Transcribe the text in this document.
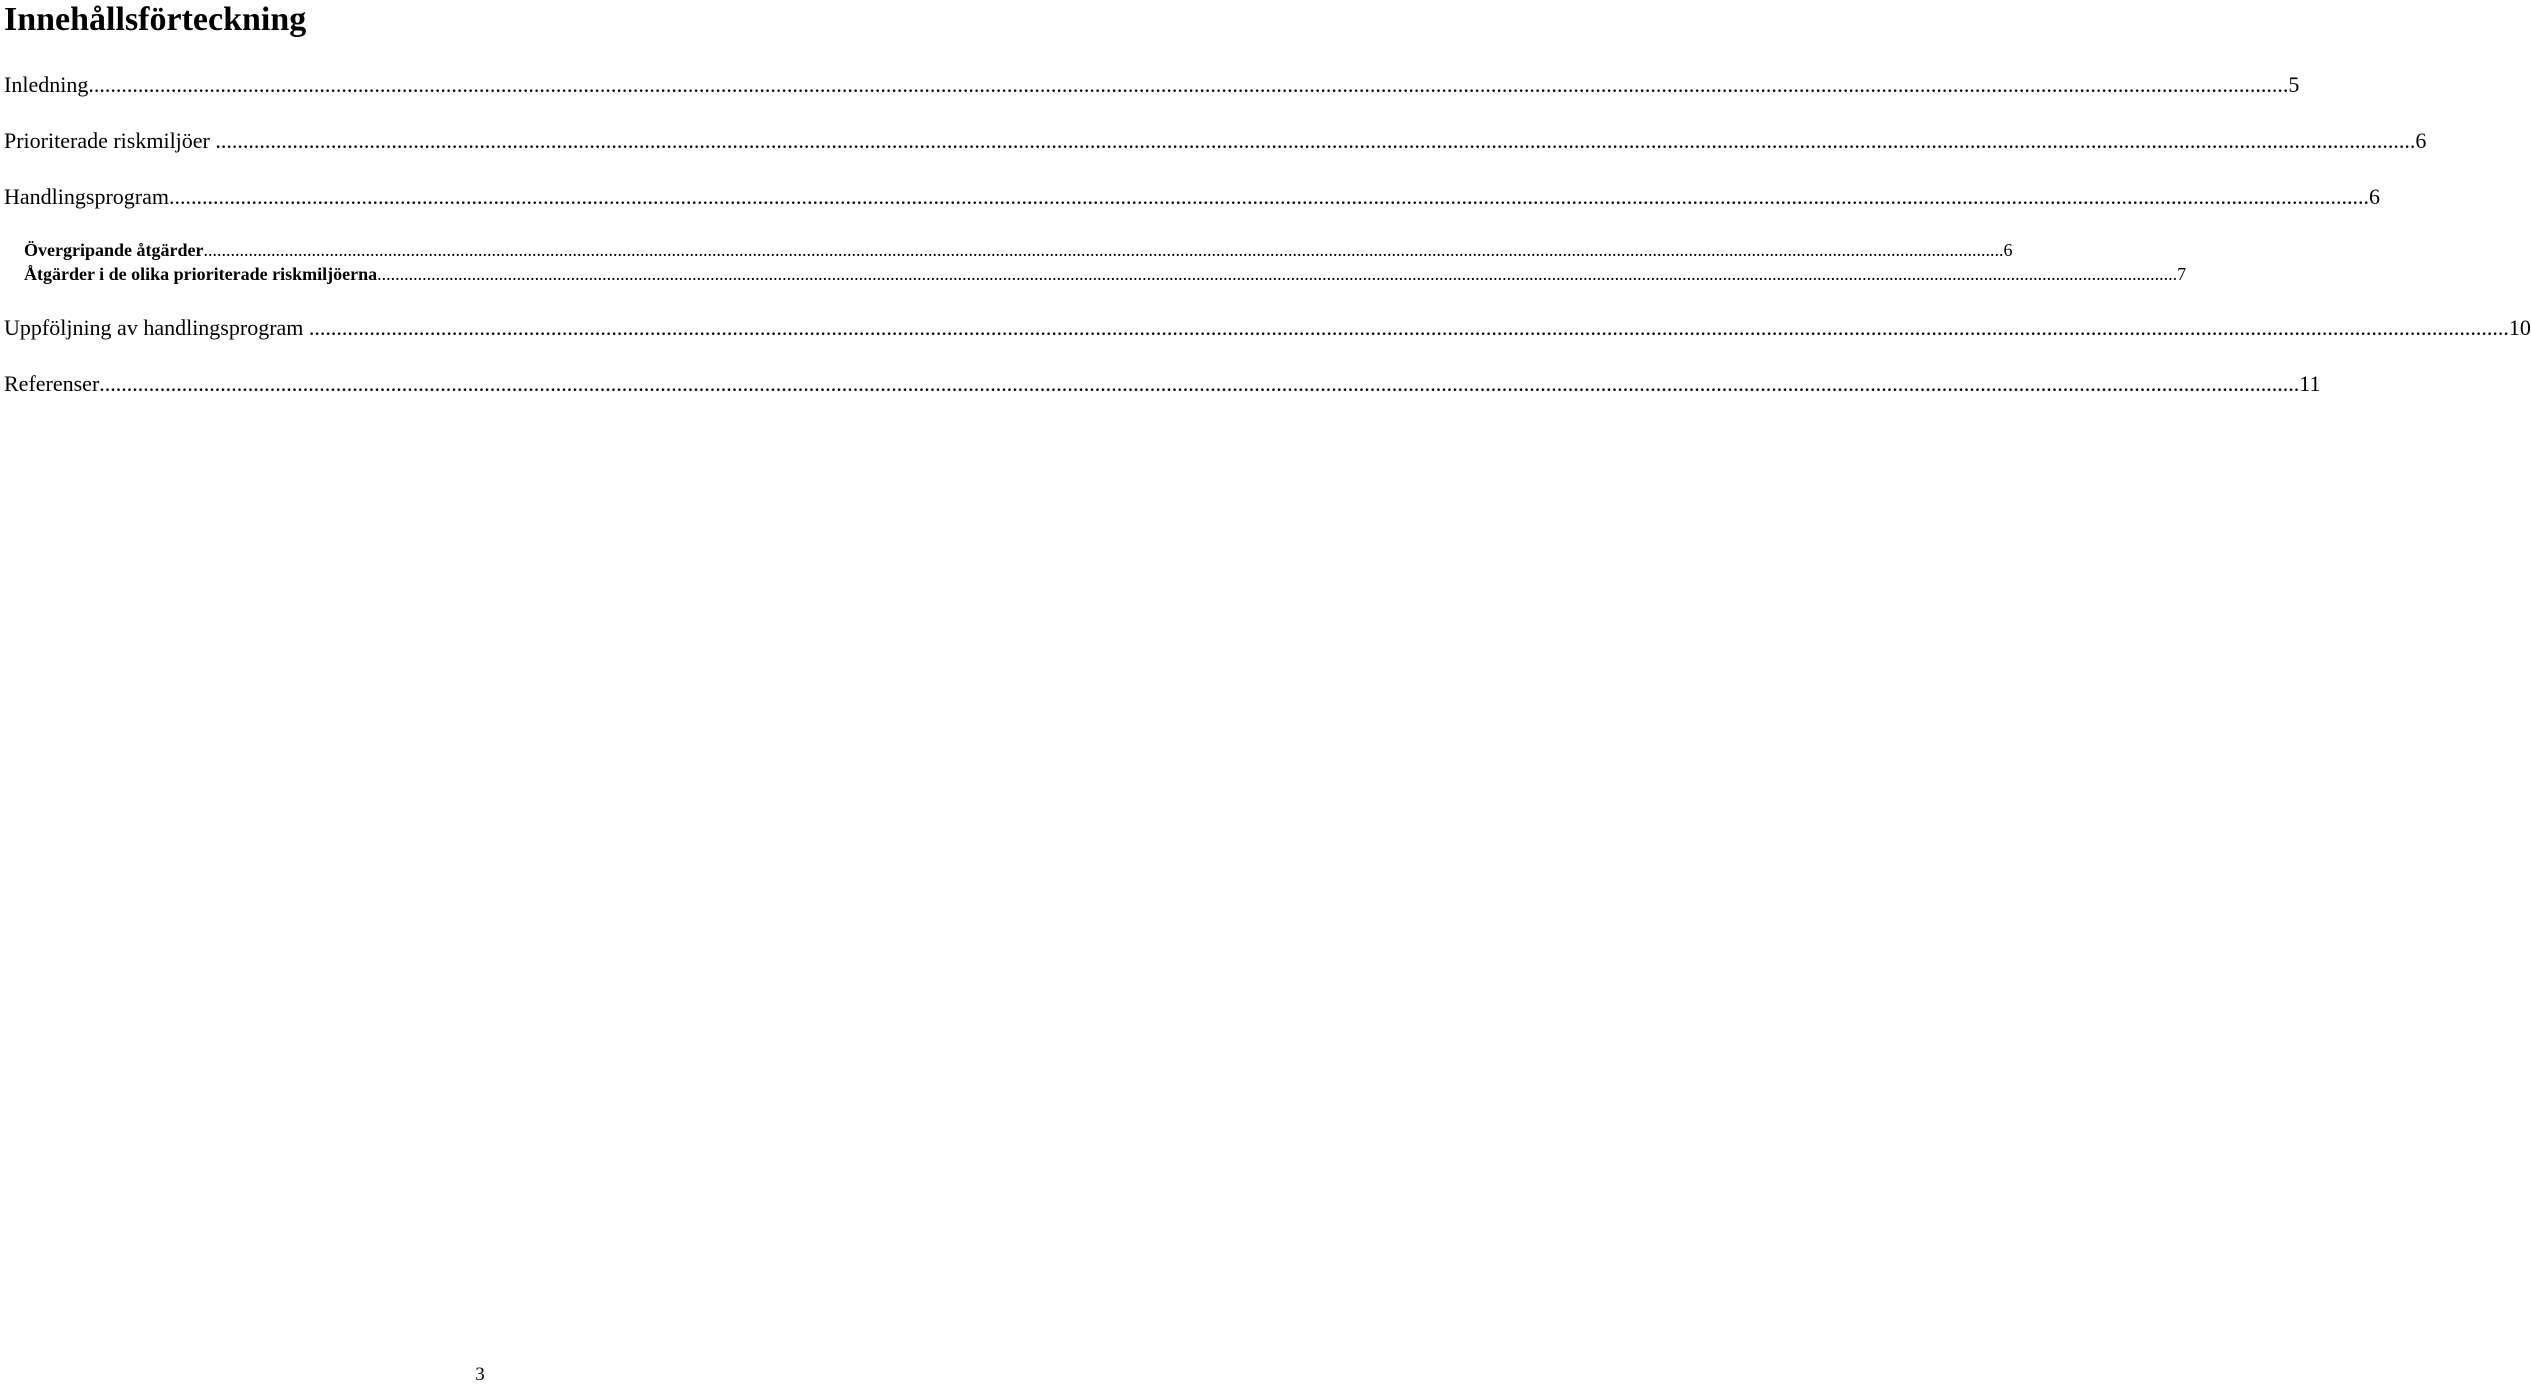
Innehållsförteckning
Inledning ................................................................................................................................................................................................................................................................................................................................................................................................................ 5
Prioriterade riskmiljöer ................................................................................................................................................................................................................................................................................................................................................................................................................ 6
Handlingsprogram ................................................................................................................................................................................................................................................................................................................................................................................................................ 6
Övergripande åtgärder ................................................................................................................................................................................................................................................................................................................................................................................................................ 6
Åtgärder i de olika prioriterade riskmiljöerna ................................................................................................................................................................................................................................................................................................................................................................................................................ 7
Uppföljning av handlingsprogram ................................................................................................................................................................................................................................................................................................................................................................................................................ 10
Referenser ................................................................................................................................................................................................................................................................................................................................................................................................................ 11
3
